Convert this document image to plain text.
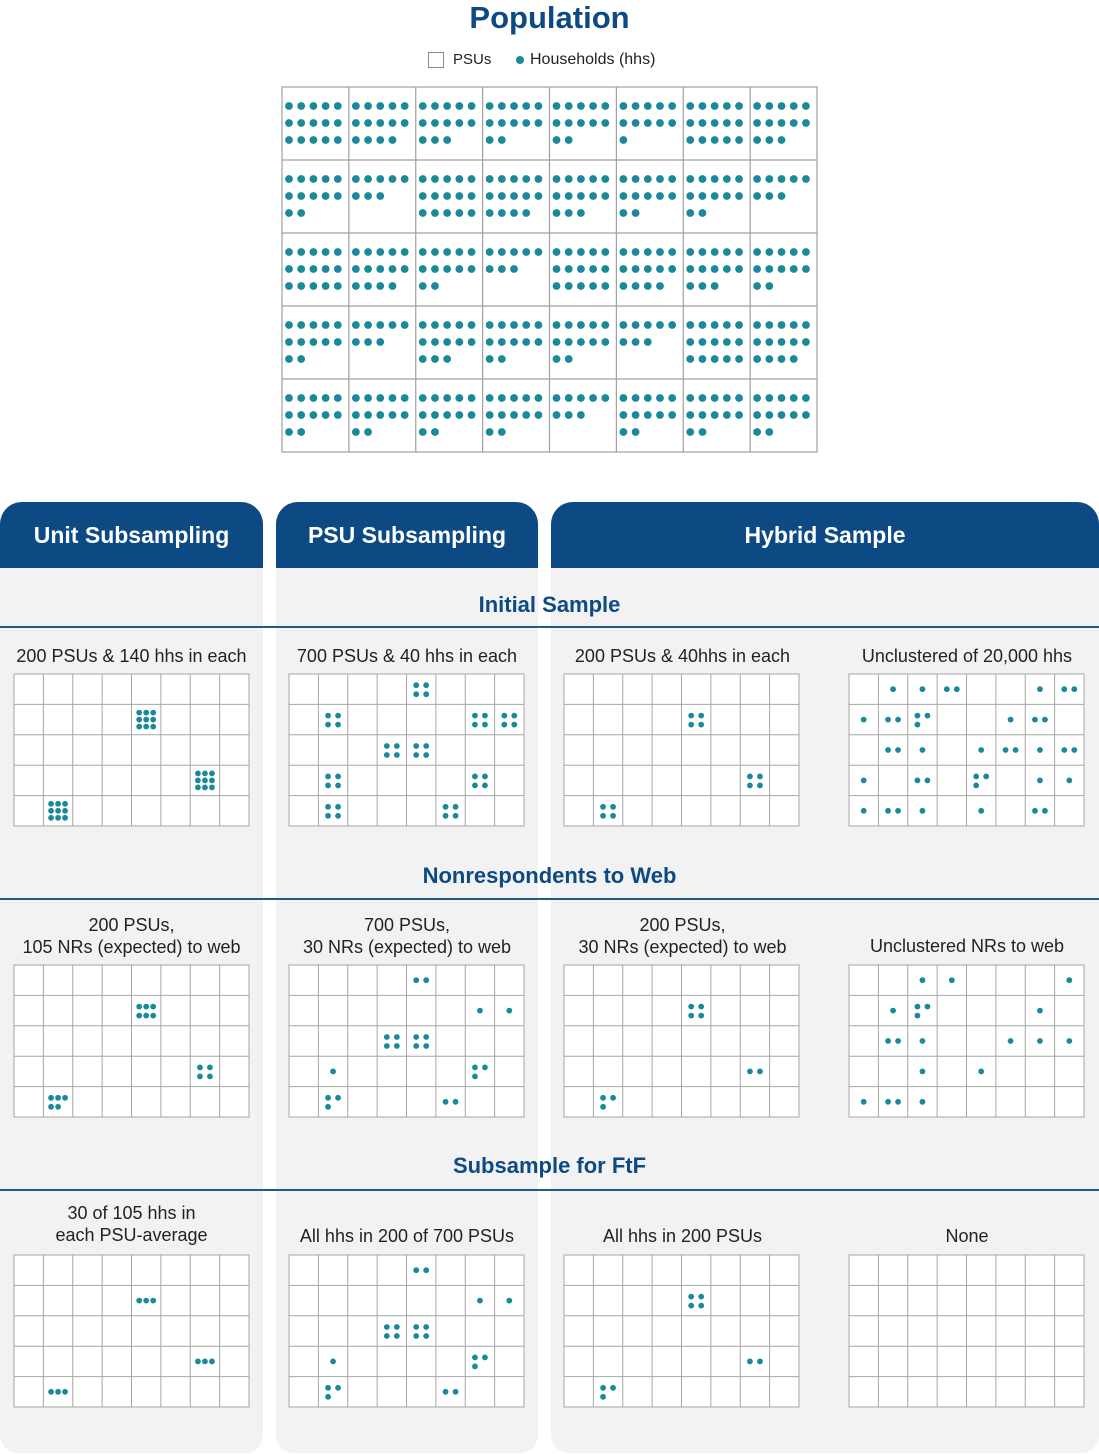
Population
PSUs Households (hhs)
Unit Subsampling	PSU Subsampling	Hybrid Sample
Initial Sample
Nonrespondents to Web
Subsample for FtF
200 PSUs & 140 hhs in each	700 PSUs & 40 hhs in each	200 PSUs & 40hhs in each	Unclustered of 20,000 hhs
200 PSUs,
105 NRs (expected) to web
700 PSUs,
30 NRs (expected) to web
200 PSUs,
30 NRs (expected) to web	Unclustered NRs to web
30 of 105 hhs in
each PSU-average	All hhs in 200 of 700 PSUs	All hhs in 200 PSUs	None
